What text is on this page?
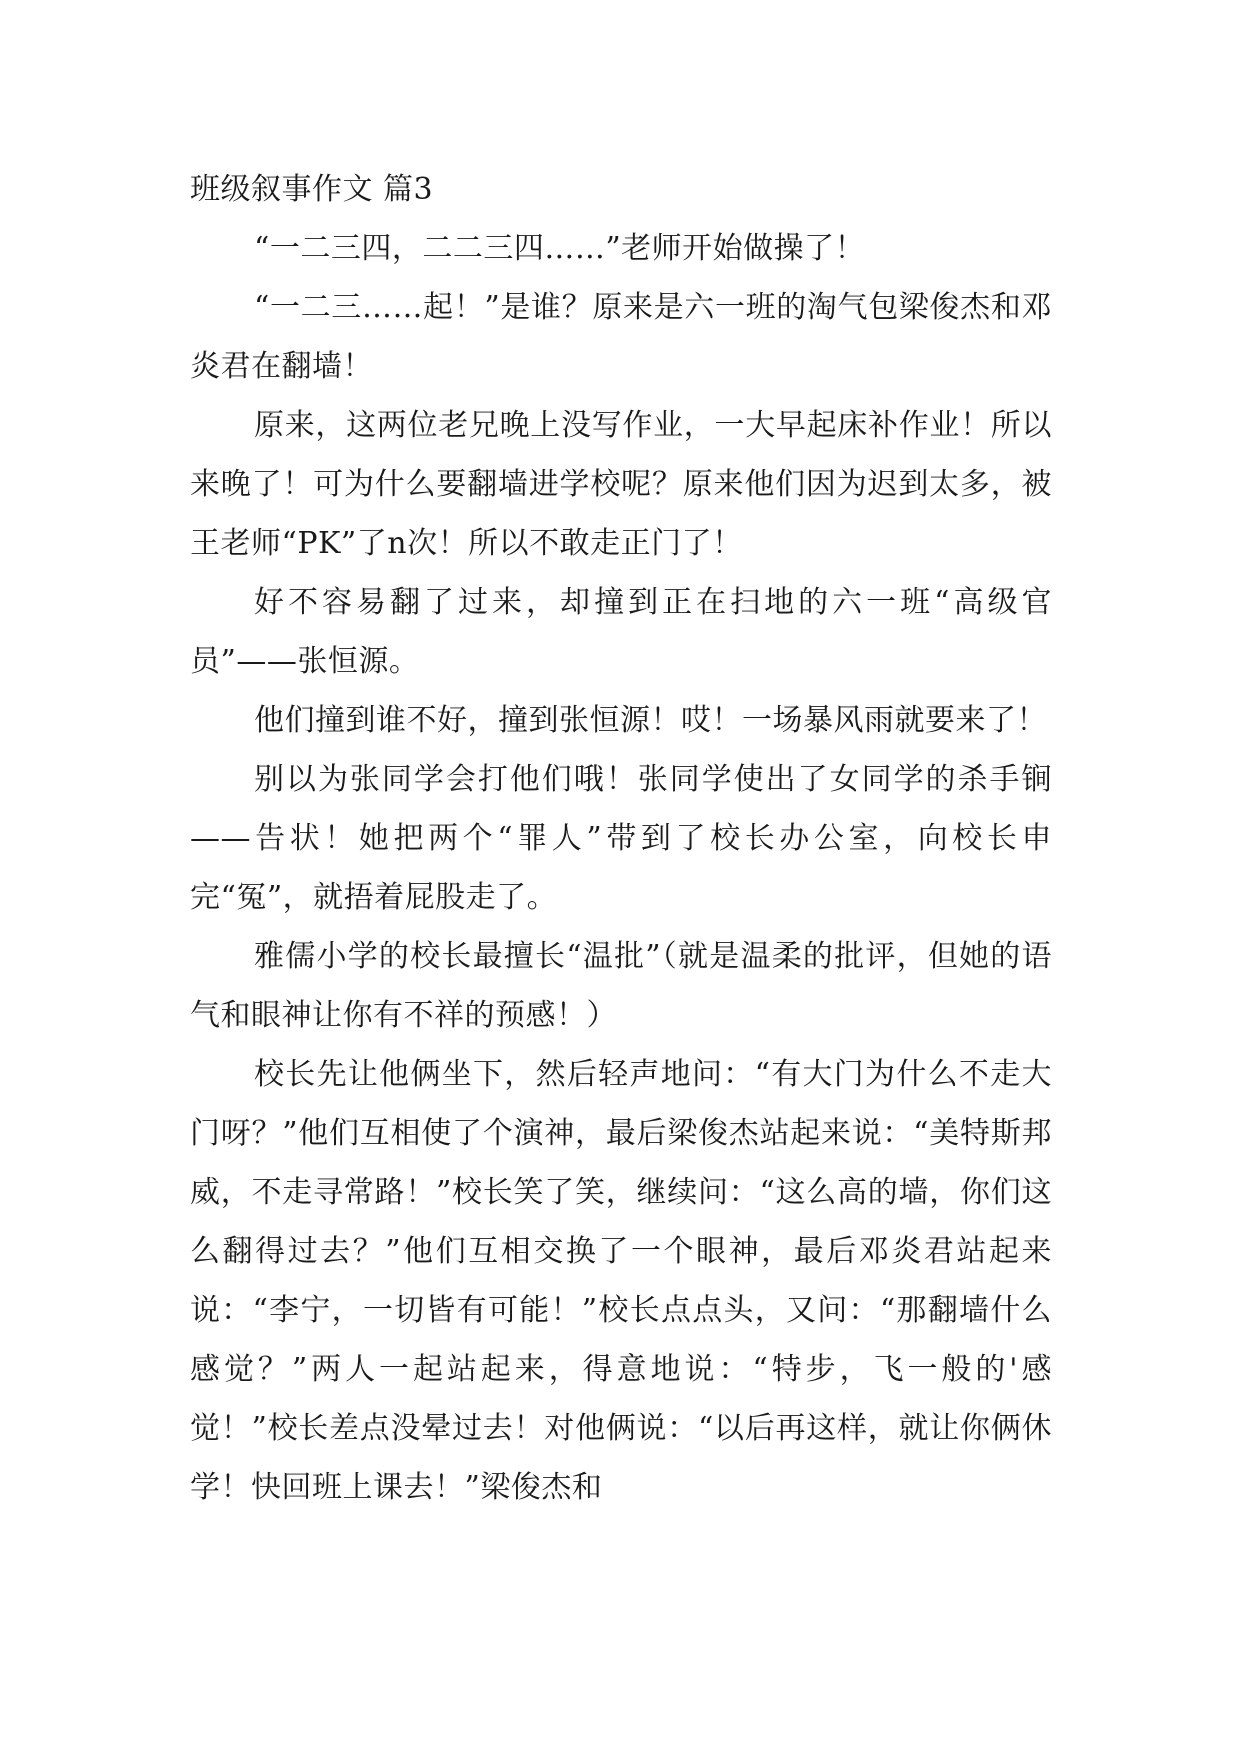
班级叙事作文 篇3

“一二三四，二二三四……”老师开始做操了！

“一二三……起！”是谁？原来是六一班的淘气包梁俊杰和邓炎君在翻墙！

原来，这两位老兄晚上没写作业，一大早起床补作业！所以来晚了！可为什么要翻墙进学校呢？原来他们因为迟到太多，被王老师“PK”了n次！所以不敢走正门了！

好不容易翻了过来，却撞到正在扫地的六一班“高级官员”——张恒源。

他们撞到谁不好，撞到张恒源！哎！一场暴风雨就要来了！

别以为张同学会打他们哦！张同学使出了女同学的杀手锏——告状！她把两个“罪人”带到了校长办公室，向校长申完“冤”，就捂着屁股走了。

雅儒小学的校长最擅长“温批”（就是温柔的批评，但她的语气和眼神让你有不祥的预感！）

校长先让他俩坐下，然后轻声地问：“有大门为什么不走大门呀？”他们互相使了个演神，最后梁俊杰站起来说：“美特斯邦威，不走寻常路！”校长笑了笑，继续问：“这么高的墙，你们这么翻得过去？”他们互相交换了一个眼神，最后邓炎君站起来说：“李宁，一切皆有可能！”校长点点头，又问：“那翻墙什么感觉？”两人一起站起来，得意地说：“特步，飞一般的'感觉！”校长差点没晕过去！对他俩说：“以后再这样，就让你俩休学！快回班上课去！”梁俊杰和
